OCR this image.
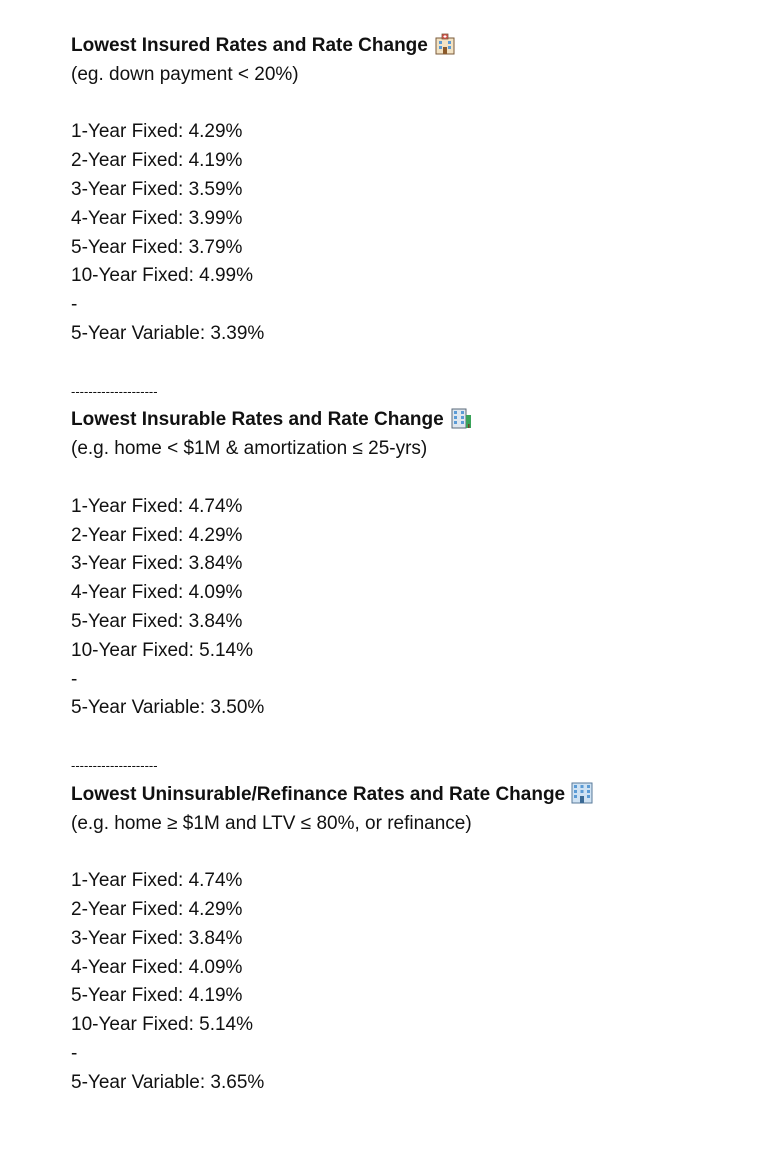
Lowest Insured Rates and Rate Change
(eg. down payment < 20%)
1-Year Fixed: 4.29%
2-Year Fixed: 4.19%
3-Year Fixed: 3.59%
4-Year Fixed: 3.99%
5-Year Fixed: 3.79%
10-Year Fixed: 4.99%
-
5-Year Variable: 3.39%
--------------------
Lowest Insurable Rates and Rate Change
(e.g. home < $1M & amortization ≤ 25-yrs)
1-Year Fixed: 4.74%
2-Year Fixed: 4.29%
3-Year Fixed: 3.84%
4-Year Fixed: 4.09%
5-Year Fixed: 3.84%
10-Year Fixed: 5.14%
-
5-Year Variable: 3.50%
--------------------
Lowest Uninsurable/Refinance Rates and Rate Change
(e.g. home ≥ $1M and LTV ≤ 80%, or refinance)
1-Year Fixed: 4.74%
2-Year Fixed: 4.29%
3-Year Fixed: 3.84%
4-Year Fixed: 4.09%
5-Year Fixed: 4.19%
10-Year Fixed: 5.14%
-
5-Year Variable: 3.65%
